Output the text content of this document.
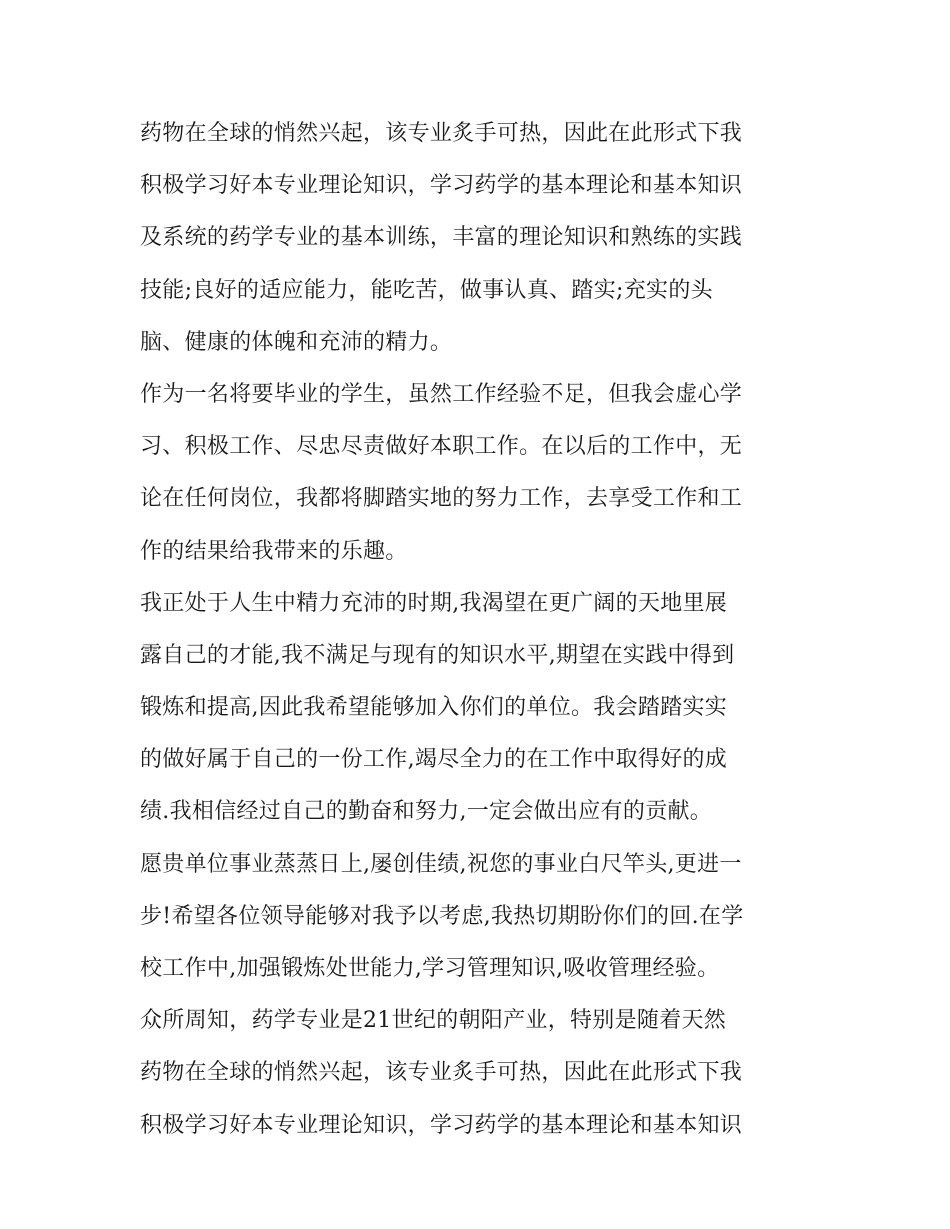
药物在全球的悄然兴起，该专业炙手可热，因此在此形式下我
积极学习好本专业理论知识，学习药学的基本理论和基本知识
及系统的药学专业的基本训练，丰富的理论知识和熟练的实践
技能;良好的适应能力，能吃苦，做事认真、踏实;充实的头
脑、健康的体魄和充沛的精力。
作为一名将要毕业的学生，虽然工作经验不足，但我会虚心学
习、积极工作、尽忠尽责做好本职工作。在以后的工作中，无
论在任何岗位，我都将脚踏实地的努力工作，去享受工作和工
作的结果给我带来的乐趣。
我正处于人生中精力充沛的时期,我渴望在更广阔的天地里展
露自己的才能,我不满足与现有的知识水平,期望在实践中得到
锻炼和提高,因此我希望能够加入你们的单位。我会踏踏实实
的做好属于自己的一份工作,竭尽全力的在工作中取得好的成
绩.我相信经过自己的勤奋和努力,一定会做出应有的贡献。
愿贵单位事业蒸蒸日上,屡创佳绩,祝您的事业白尺竿头,更进一
步!希望各位领导能够对我予以考虑,我热切期盼你们的回.在学
校工作中,加强锻炼处世能力,学习管理知识,吸收管理经验。
众所周知，药学专业是21世纪的朝阳产业，特别是随着天然
药物在全球的悄然兴起，该专业炙手可热，因此在此形式下我
积极学习好本专业理论知识，学习药学的基本理论和基本知识
